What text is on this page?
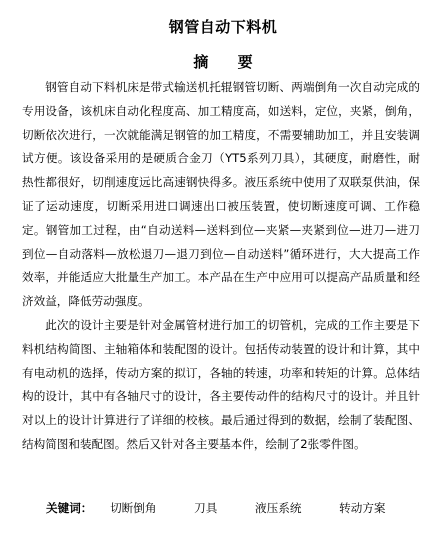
钢管自动下料机
摘 要

钢管自动下料机床是带式输送机托辊钢管切断、两端倒角一次自动完成的专用设备，该机床自动化程度高、加工精度高，如送料，定位，夹紧，倒角，切断依次进行，一次就能满足钢管的加工精度，不需要辅助加工，并且安装调试方便。该设备采用的是硬质合金刀（YT5系列刀具），其硬度，耐磨性，耐热性都很好，切削速度远比高速钢快得多。液压系统中使用了双联泵供油，保证了运动速度，切断采用进口调速出口被压装置，使切断速度可调、工作稳定。钢管加工过程，由“自动送料—送料到位—夹紧—夹紧到位—进刀—进刀到位—自动落料—放松退刀—退刀到位—自动送料”循环进行，大大提高工作效率，并能适应大批量生产加工。本产品在生产中应用可以提高产品质量和经济效益，降低劳动强度。

此次的设计主要是针对金属管材进行加工的切管机，完成的工作主要是下料机结构简图、主轴箱体和装配图的设计。包括传动装置的设计和计算，其中有电动机的选择，传动方案的拟订，各轴的转速，功率和转矩的计算。总体结构的设计，其中有各轴尺寸的设计，各主要传动件的结构尺寸的设计。并且针对以上的设计计算进行了详细的校核。最后通过得到的数据，绘制了装配图、结构简图和装配图。然后又针对各主要基本件，绘制了2张零件图。

关键词： 切断倒角	刀具	液压系统	转动方案
